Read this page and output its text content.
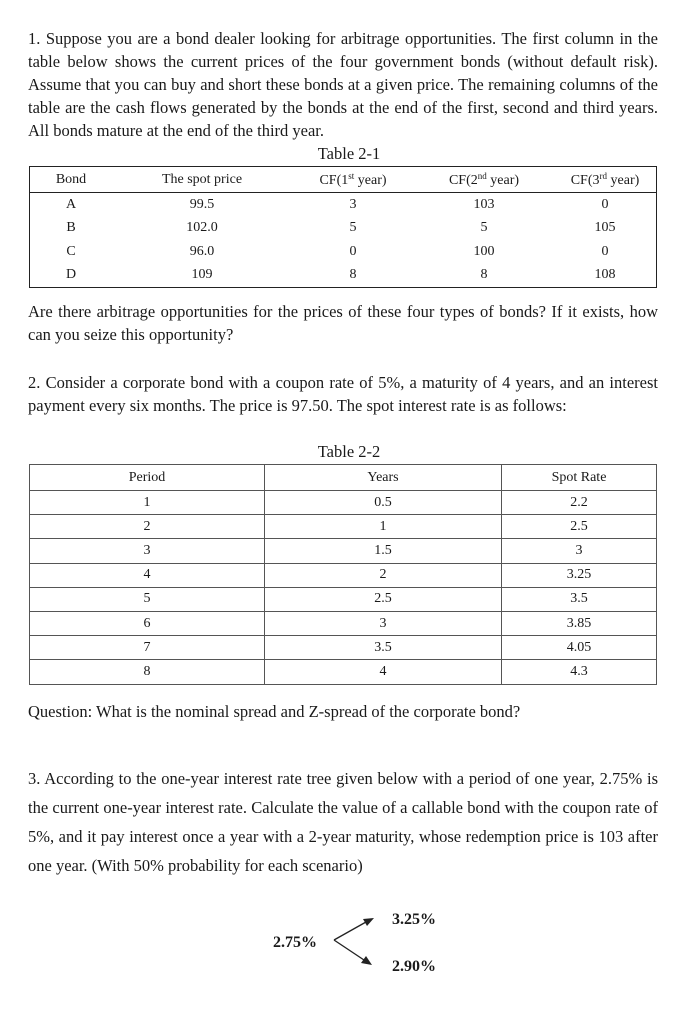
1. Suppose you are a bond dealer looking for arbitrage opportunities. The first column in the table below shows the current prices of the four government bonds (without default risk). Assume that you can buy and short these bonds at a given price. The remaining columns of the table are the cash flows generated by the bonds at the end of the first, second and third years. All bonds mature at the end of the third year.
Table 2-1
Bond	The spot price	CF(1st year)	CF(2nd year)	CF(3rd year)
A	99.5	3	103	0
B	102.0	5	5	105
C	96.0	0	100	0
D	109	8	8	108
Are there arbitrage opportunities for the prices of these four types of bonds? If it exists, how can you seize this opportunity?
2. Consider a corporate bond with a coupon rate of 5%, a maturity of 4 years, and an interest payment every six months. The price is 97.50. The spot interest rate is as follows:
Table 2-2
Period	Years	Spot Rate
1	0.5	2.2
2	1	2.5
3	1.5	3
4	2	3.25
5	2.5	3.5
6	3	3.85
7	3.5	4.05
8	4	4.3
Question: What is the nominal spread and Z-spread of the corporate bond?
3. According to the one-year interest rate tree given below with a period of one year, 2.75% is the current one-year interest rate. Calculate the value of a callable bond with the coupon rate of 5%, and it pay interest once a year with a 2-year maturity, whose redemption price is 103 after one year. (With 50% probability for each scenario)
2.75%
3.25%
2.90%
